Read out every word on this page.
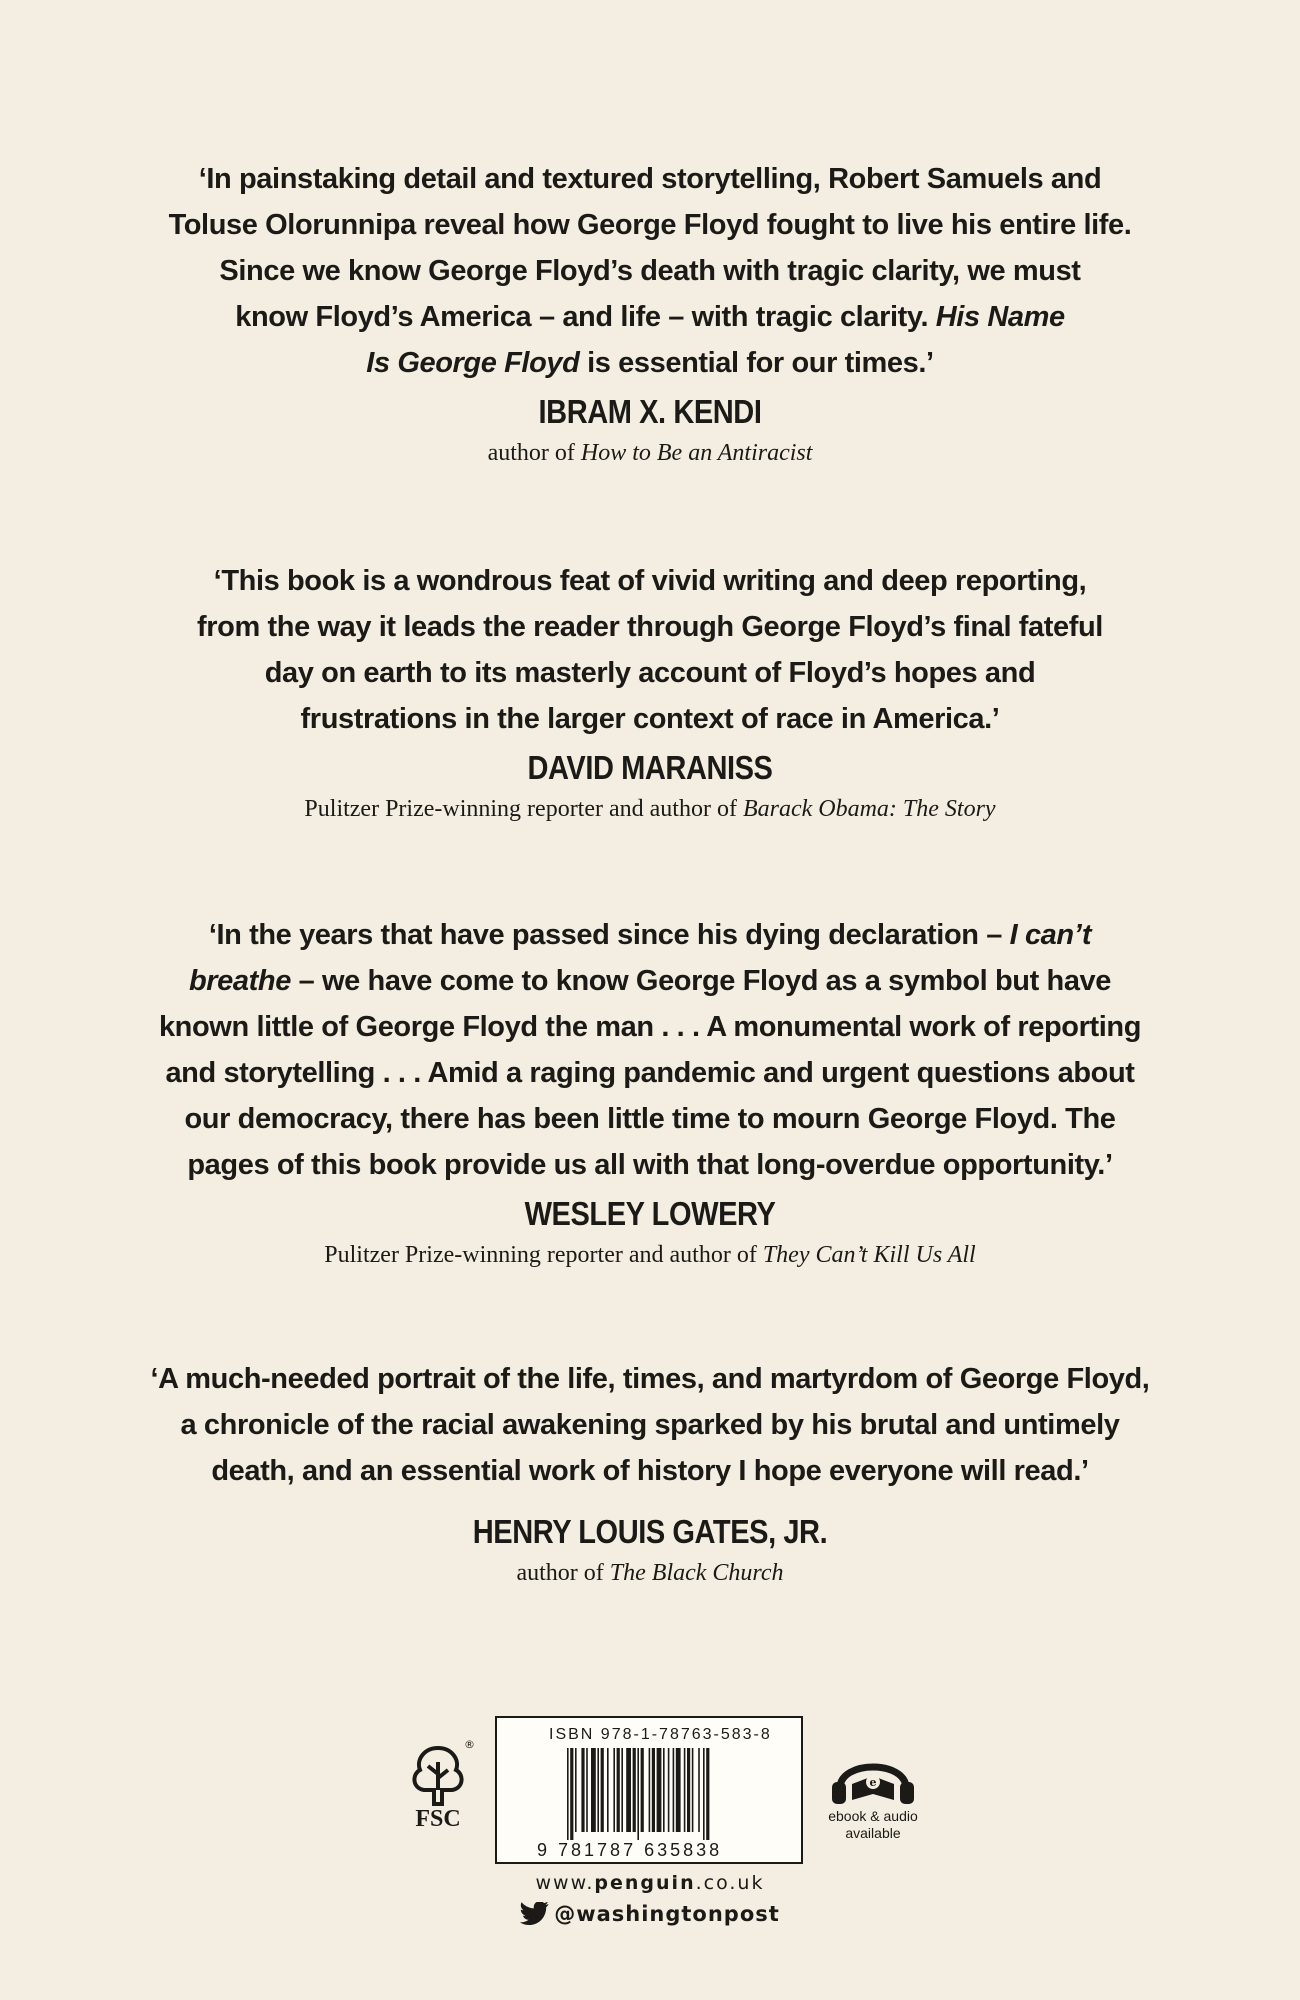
‘In painstaking detail and textured storytelling, Robert Samuels and
Toluse Olorunnipa reveal how George Floyd fought to live his entire life.
Since we know George Floyd’s death with tragic clarity, we must
know Floyd’s America – and life – with tragic clarity. His Name
Is George Floyd is essential for our times.’
IBRAM X. KENDI
author of How to Be an Antiracist
‘This book is a wondrous feat of vivid writing and deep reporting,
from the way it leads the reader through George Floyd’s final fateful
day on earth to its masterly account of Floyd’s hopes and
frustrations in the larger context of race in America.’
DAVID MARANISS
Pulitzer Prize-winning reporter and author of Barack Obama: The Story
‘In the years that have passed since his dying declaration – I can’t
breathe – we have come to know George Floyd as a symbol but have
known little of George Floyd the man . . . A monumental work of reporting
and storytelling . . . Amid a raging pandemic and urgent questions about
our democracy, there has been little time to mourn George Floyd. The
pages of this book provide us all with that long-overdue opportunity.’
WESLEY LOWERY
Pulitzer Prize-winning reporter and author of They Can’t Kill Us All
‘A much-needed portrait of the life, times, and martyrdom of George Floyd,
a chronicle of the racial awakening sparked by his brutal and untimely
death, and an essential work of history I hope everyone will read.’
HENRY LOUIS GATES, JR.
author of The Black Church
®
FSC
ISBN 978-1-78763-583-8
9 781787 635838
e
ebook & audio
available
www.penguin.co.uk
@washingtonpost
